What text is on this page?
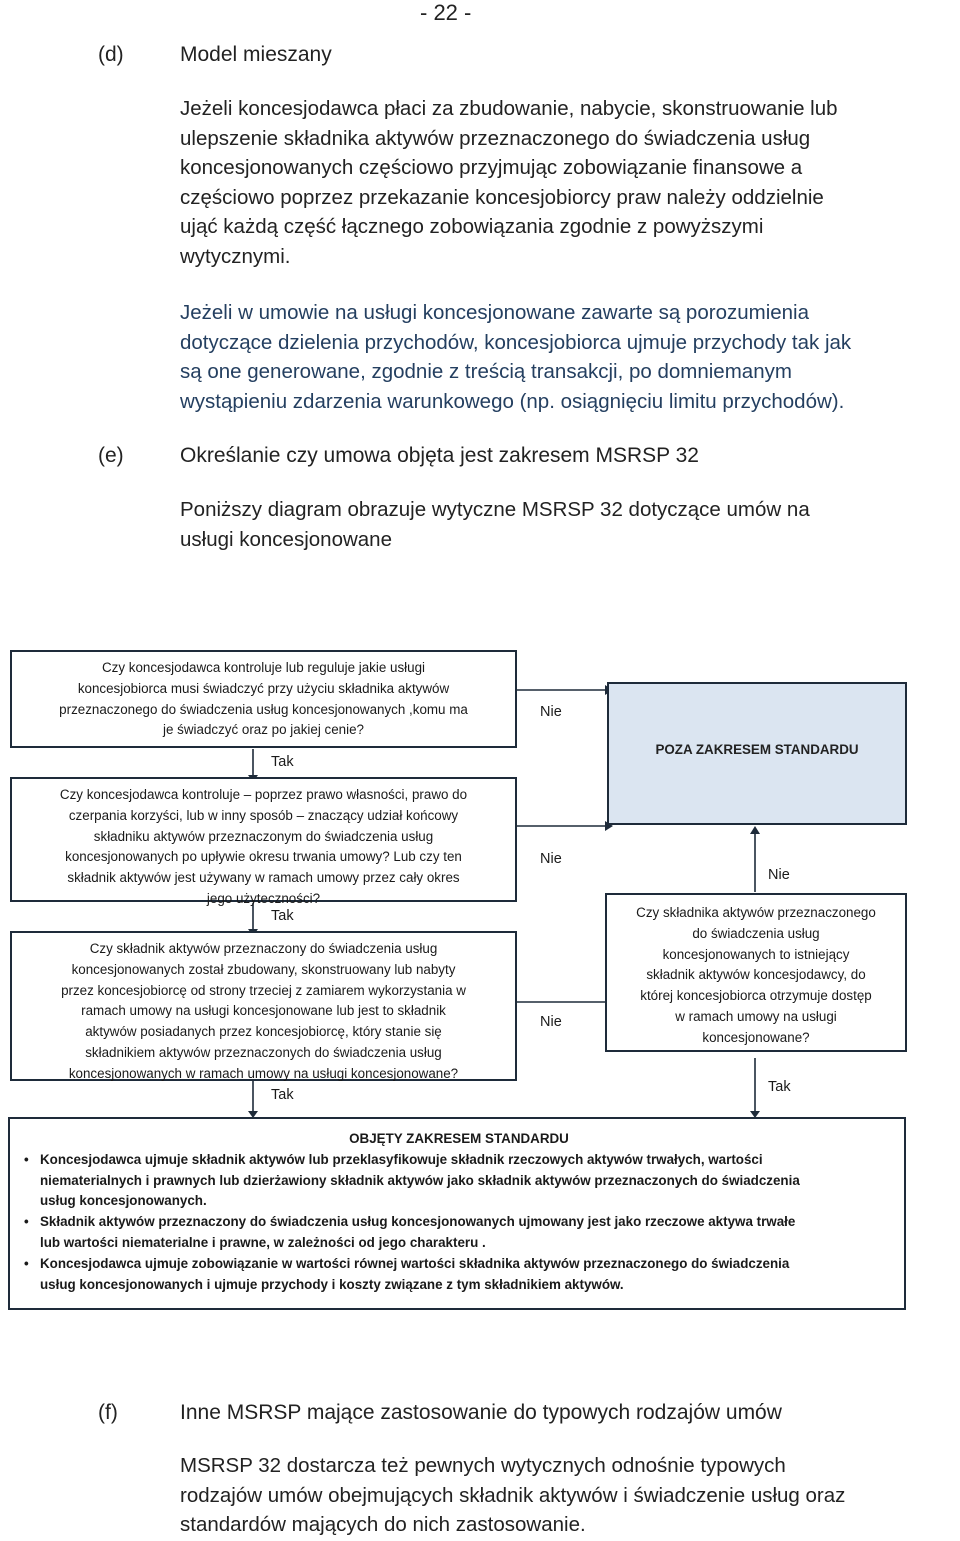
- 22 -
(d)	Model mieszany
Jeżeli koncesjodawca płaci za zbudowanie, nabycie, skonstruowanie lub
ulepszenie składnika aktywów przeznaczonego do świadczenia usług
koncesjonowanych częściowo przyjmując zobowiązanie finansowe a
częściowo poprzez przekazanie koncesjobiorcy praw należy oddzielnie
ująć każdą część łącznego zobowiązania zgodnie z powyższymi
wytycznymi.
Jeżeli w umowie na usługi koncesjonowane zawarte są porozumienia
dotyczące dzielenia przychodów, koncesjobiorca ujmuje przychody tak jak
są one generowane, zgodnie z treścią transakcji, po domniemanym
wystąpieniu zdarzenia warunkowego (np. osiągnięciu limitu przychodów).
(e)	Określanie czy umowa objęta jest zakresem MSRSP 32
Poniższy diagram obrazuje wytyczne MSRSP 32 dotyczące umów na
usługi koncesjonowane
Czy koncesjodawca kontroluje lub reguluje jakie usługi
koncesjobiorca musi świadczyć przy użyciu składnika aktywów
przeznaczonego do świadczenia usług koncesjonowanych ,komu ma
je świadczyć oraz po jakiej cenie?
Tak
Nie
Czy koncesjodawca kontroluje – poprzez prawo własności, prawo do
czerpania korzyści, lub w inny sposób – znaczący udział końcowy
składniku aktywów przeznaczonym do świadczenia usług
koncesjonowanych po upływie okresu trwania umowy? Lub czy ten
składnik aktywów jest używany w ramach umowy przez cały okres
jego użyteczności?
Tak
Nie
Czy składnik aktywów przeznaczony do świadczenia usług
koncesjonowanych został zbudowany, skonstruowany lub nabyty
przez koncesjobiorcę od strony trzeciej z zamiarem wykorzystania w
ramach umowy na usługi koncesjonowane lub jest to składnik
aktywów posiadanych przez koncesjobiorcę, który stanie się
składnikiem aktywów przeznaczonych do świadczenia usług
koncesjonowanych w ramach umowy na usługi koncesjonowane?
Tak
Nie
POZA ZAKRESEM STANDARDU
Czy składnika aktywów przeznaczonego
do świadczenia usług
koncesjonowanych to istniejący
składnik aktywów koncesjodawcy, do
której koncesjobiorca otrzymuje dostęp
w ramach umowy na usługi
koncesjonowane?
Nie
Tak
OBJĘTY ZAKRESEM STANDARDU
• Koncesjodawca ujmuje składnik aktywów lub przeklasyfikowuje składnik rzeczowych aktywów trwałych, wartości
niematerialnych i prawnych lub dzierżawiony składnik aktywów jako składnik aktywów przeznaczonych do świadczenia
usług koncesjonowanych.
• Składnik aktywów przeznaczony do świadczenia usług koncesjonowanych ujmowany jest jako rzeczowe aktywa trwałe
lub wartości niematerialne i prawne, w zależności od jego charakteru .
• Koncesjodawca ujmuje zobowiązanie w wartości równej wartości składnika aktywów przeznaczonego do świadczenia
usług koncesjonowanych i ujmuje przychody i koszty związane z tym składnikiem aktywów.
(f)	Inne MSRSP mające zastosowanie do typowych rodzajów umów
MSRSP 32 dostarcza też pewnych wytycznych odnośnie typowych
rodzajów umów obejmujących składnik aktywów i świadczenie usług oraz
standardów mających do nich zastosowanie.
